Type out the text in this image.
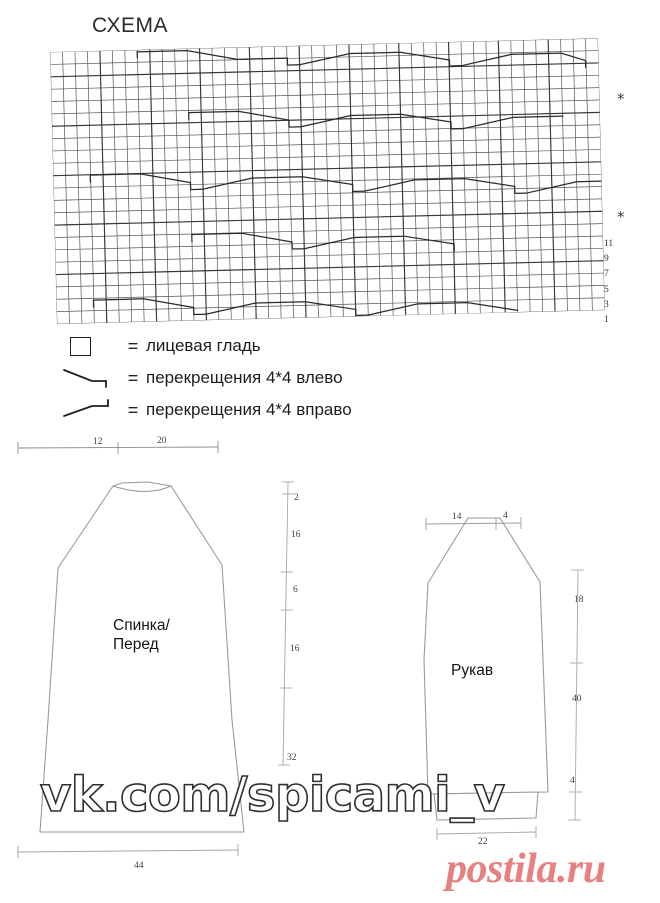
СХЕМА
11
9
7
5
3
1
*
*
= лицевая гладь
= перекрещения 4*4 влево
= перекрещения 4*4 вправо
Спинка/
Перед
Рукав
12	20
2
16
6
16
32
44
14	4
18
40
4
22
vk.com/spicami_v
postila.ru
